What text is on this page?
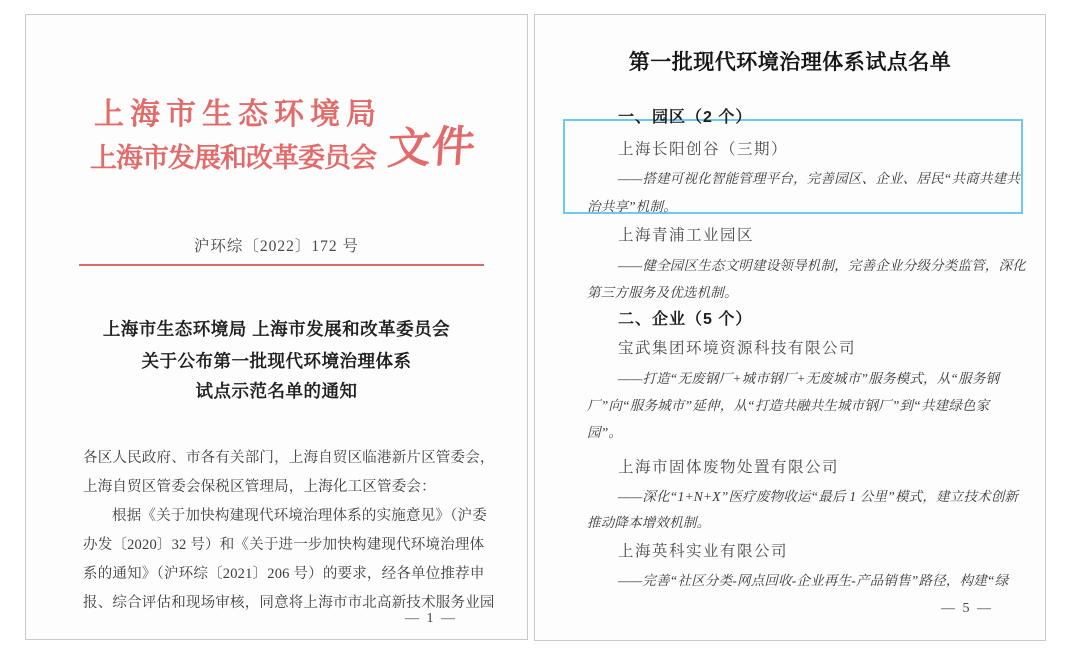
上海市生态环境局
上海市发展和改革委员会 文件
沪环综〔2022〕172 号
上海市生态环境局 上海市发展和改革委员会
关于公布第一批现代环境治理体系
试点示范名单的通知
各区人民政府、市各有关部门，上海自贸区临港新片区管委会，
上海自贸区管委会保税区管理局，上海化工区管委会：
根据《关于加快构建现代环境治理体系的实施意见》（沪委
办发〔2020〕32 号）和《关于进一步加快构建现代环境治理体
系的通知》（沪环综〔2021〕206 号）的要求，经各单位推荐申
报、综合评估和现场审核，同意将上海市市北高新技术服务业园
— 1 —
第一批现代环境治理体系试点名单
一、园区（2 个）
上海长阳创谷（三期）
——搭建可视化智能管理平台，完善园区、企业、居民“共商共建共
治共享”机制。
上海青浦工业园区
——健全园区生态文明建设领导机制，完善企业分级分类监管，深化
第三方服务及优选机制。
二、企业（5 个）
宝武集团环境资源科技有限公司
——打造“无废钢厂+城市钢厂+无废城市”服务模式，从“服务钢
厂”向“服务城市”延伸，从“打造共融共生城市钢厂”到“共建绿色家
园”。
上海市固体废物处置有限公司
——深化“1+N+X”医疗废物收运“最后 1 公里”模式，建立技术创新
推动降本增效机制。
上海英科实业有限公司
——完善“社区分类-网点回收-企业再生-产品销售”路径，构建“绿
— 5 —
